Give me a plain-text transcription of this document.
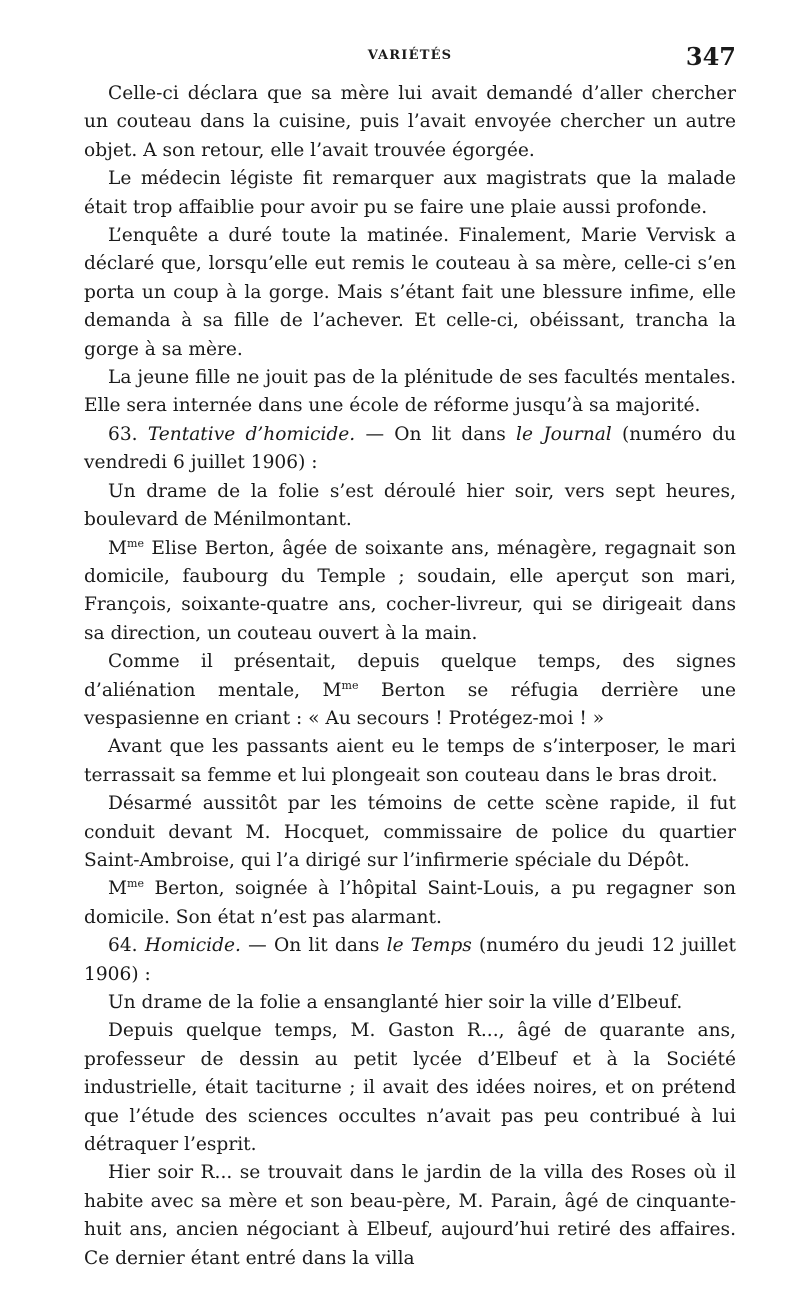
VARIÉTÉS	347

Celle-ci déclara que sa mère lui avait demandé d’aller chercher un couteau dans la cuisine, puis l’avait envoyée chercher un autre objet. A son retour, elle l’avait trouvée égorgée.

Le médecin légiste fit remarquer aux magistrats que la malade était trop affaiblie pour avoir pu se faire une plaie aussi profonde.

L’enquête a duré toute la matinée. Finalement, Marie Vervisk a déclaré que, lorsqu’elle eut remis le couteau à sa mère, celle-ci s’en porta un coup à la gorge. Mais s’étant fait une blessure infime, elle demanda à sa fille de l’achever. Et celle-ci, obéissant, trancha la gorge à sa mère.

La jeune fille ne jouit pas de la plénitude de ses facultés mentales. Elle sera internée dans une école de réforme jusqu’à sa majorité.

63. Tentative d’homicide. — On lit dans le Journal (numéro du vendredi 6 juillet 1906) :

Un drame de la folie s’est déroulé hier soir, vers sept heures, boulevard de Ménilmontant.

$M^{me}$ Elise Berton, âgée de soixante ans, ménagère, regagnait son domicile, faubourg du Temple ; soudain, elle aperçut son mari, François, soixante-quatre ans, cocher-livreur, qui se dirigeait dans sa direction, un couteau ouvert à la main.

Comme il présentait, depuis quelque temps, des signes d’aliénation mentale, $M^{me}$ Berton se réfugia derrière une vespasienne en criant : « Au secours ! Protégez-moi ! »

Avant que les passants aient eu le temps de s’interposer, le mari terrassait sa femme et lui plongeait son couteau dans le bras droit.

Désarmé aussitôt par les témoins de cette scène rapide, il fut conduit devant M. Hocquet, commissaire de police du quartier Saint-Ambroise, qui l’a dirigé sur l’infirmerie spéciale du Dépôt.

$M^{me}$ Berton, soignée à l’hôpital Saint-Louis, a pu regagner son domicile. Son état n’est pas alarmant.

64. Homicide. — On lit dans le Temps (numéro du jeudi 12 juillet 1906) :

Un drame de la folie a ensanglanté hier soir la ville d’Elbeuf.

Depuis quelque temps, M. Gaston R..., âgé de quarante ans, professeur de dessin au petit lycée d’Elbeuf et à la Société industrielle, était taciturne ; il avait des idées noires, et on prétend que l’étude des sciences occultes n’avait pas peu contribué à lui détraquer l’esprit.

Hier soir R... se trouvait dans le jardin de la villa des Roses où il habite avec sa mère et son beau-père, M. Parain, âgé de cinquante-huit ans, ancien négociant à Elbeuf, aujourd’hui retiré des affaires. Ce dernier étant entré dans la villa
